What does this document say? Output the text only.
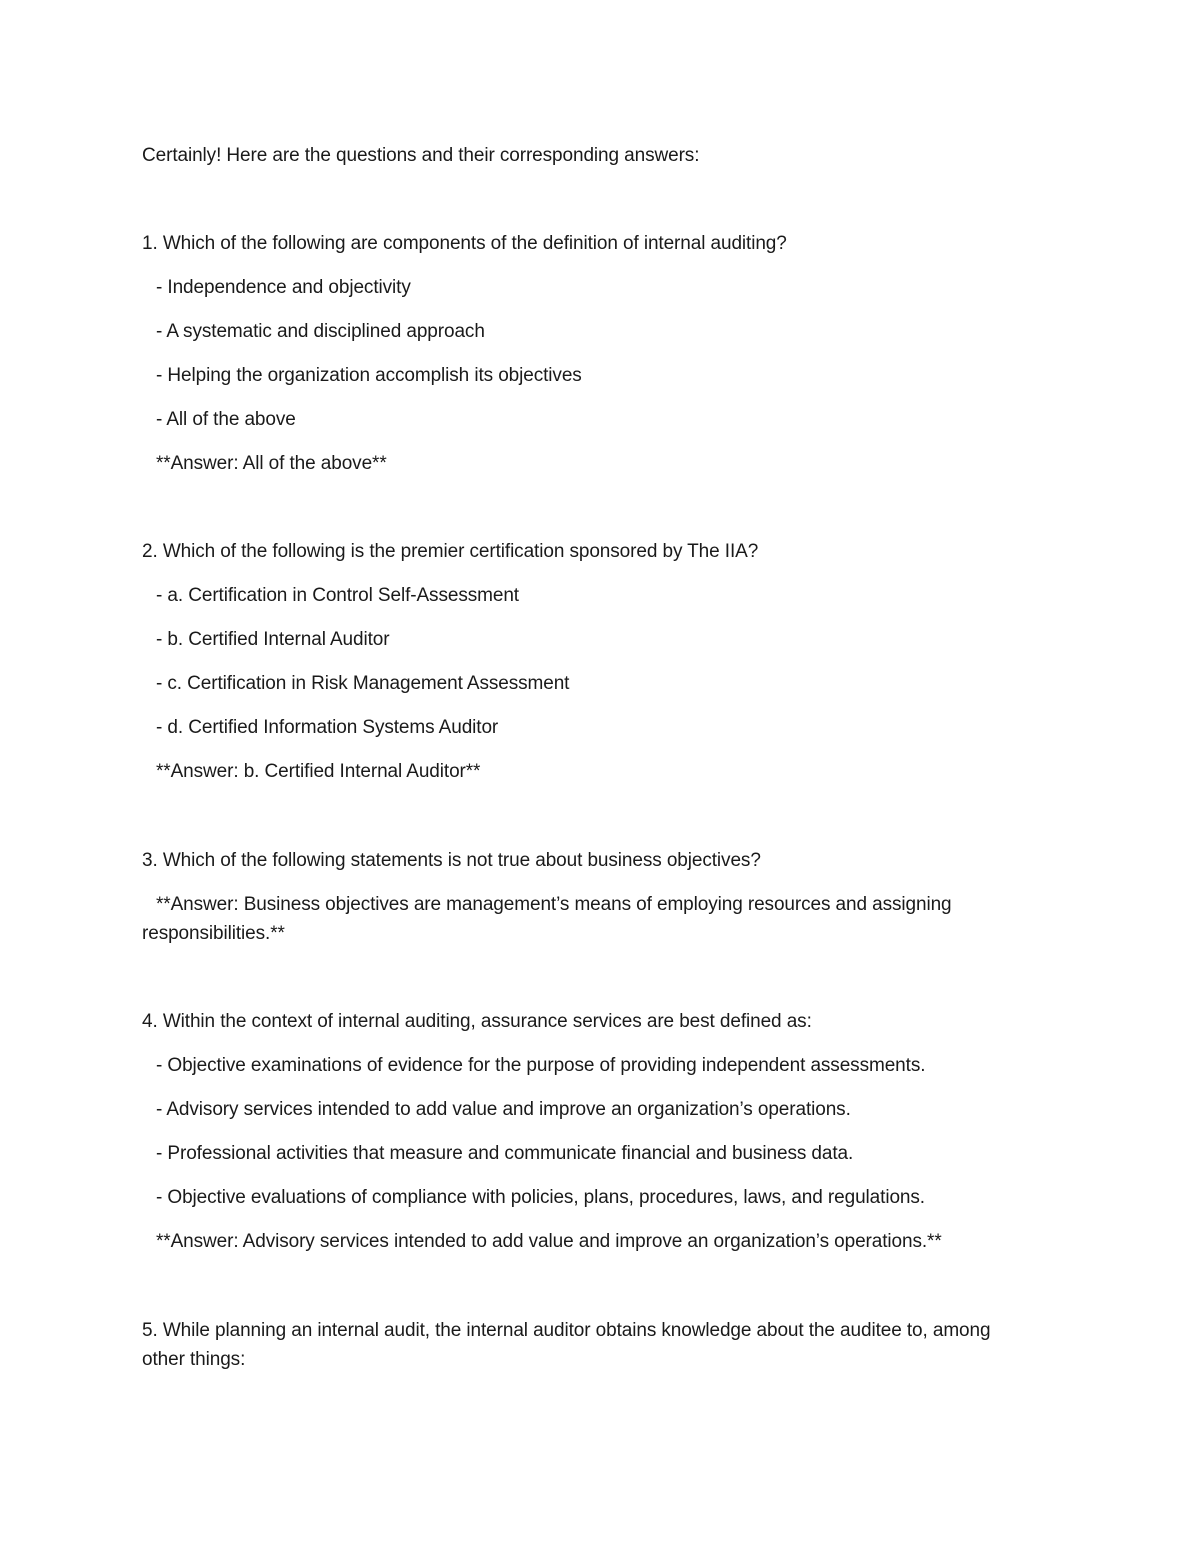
Certainly! Here are the questions and their corresponding answers:
1. Which of the following are components of the definition of internal auditing?
- Independence and objectivity
- A systematic and disciplined approach
- Helping the organization accomplish its objectives
- All of the above
**Answer: All of the above**
2. Which of the following is the premier certification sponsored by The IIA?
- a. Certification in Control Self-Assessment
- b. Certified Internal Auditor
- c. Certification in Risk Management Assessment
- d. Certified Information Systems Auditor
**Answer: b. Certified Internal Auditor**
3. Which of the following statements is not true about business objectives?
**Answer: Business objectives are management’s means of employing resources and assigning
responsibilities.**
4. Within the context of internal auditing, assurance services are best defined as:
- Objective examinations of evidence for the purpose of providing independent assessments.
- Advisory services intended to add value and improve an organization’s operations.
- Professional activities that measure and communicate financial and business data.
- Objective evaluations of compliance with policies, plans, procedures, laws, and regulations.
**Answer: Advisory services intended to add value and improve an organization’s operations.**
5. While planning an internal audit, the internal auditor obtains knowledge about the auditee to, among
other things:
